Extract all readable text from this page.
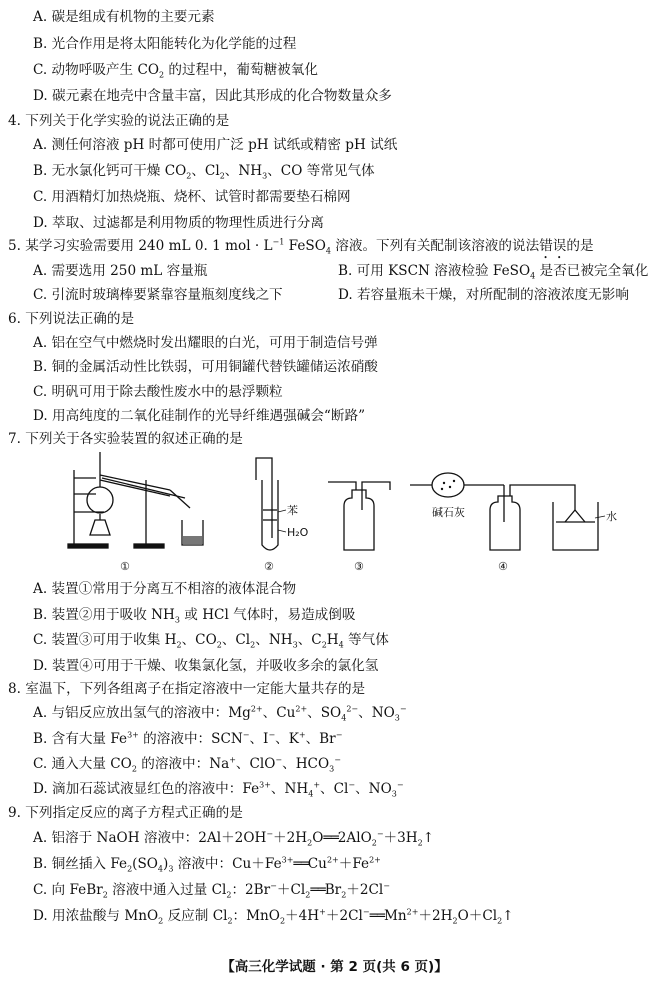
A. 碳是组成有机物的主要元素
B. 光合作用是将太阳能转化为化学能的过程
C. 动物呼吸产生 $CO_2$ 的过程中，葡萄糖被氧化
D. 碳元素在地壳中含量丰富，因此其形成的化合物数量众多
4. 下列关于化学实验的说法正确的是
A. 测任何溶液 pH 时都可使用广泛 pH 试纸或精密 pH 试纸
B. 无水氯化钙可干燥 $CO_2$、$Cl_2$、$NH_3$、CO 等常见气体
C. 用酒精灯加热烧瓶、烧杯、试管时都需要垫石棉网
D. 萃取、过滤都是利用物质的物理性质进行分离
5. 某学习实验需要用 240 mL 0. 1 mol · $L^{-1}$ FeSO$_4$ 溶液。下列有关配制该溶液的说法错误的是
A. 需要选用 250 mL 容量瓶	B. 可用 KSCN 溶液检验 FeSO$_4$ 是否已被完全氧化
C. 引流时玻璃棒要紧靠容量瓶刻度线之下	D. 若容量瓶未干燥，对所配制的溶液浓度无影响
6. 下列说法正确的是
A. 铝在空气中燃烧时发出耀眼的白光，可用于制造信号弹
B. 铜的金属活动性比铁弱，可用铜罐代替铁罐储运浓硝酸
C. 明矾可用于除去酸性废水中的悬浮颗粒
D. 用高纯度的二氧化硅制作的光导纤维遇强碱会“断路”
7. 下列关于各实验装置的叙述正确的是
①
苯
H₂O
②	③
碱石灰	水
④
A. 装置①常用于分离互不相溶的液体混合物
B. 装置②用于吸收 $NH_3$ 或 HCl 气体时，易造成倒吸
C. 装置③可用于收集 $H_2$、$CO_2$、$Cl_2$、$NH_3$、$C_2H_4$ 等气体
D. 装置④可用于干燥、收集氯化氢，并吸收多余的氯化氢
8. 室温下，下列各组离子在指定溶液中一定能大量共存的是
A. 与铝反应放出氢气的溶液中：$Mg^{2+}$、$Cu^{2+}$、$SO_4^{2-}$、$NO_3^-$
B. 含有大量 $Fe^{3+}$ 的溶液中：SCN−、I−、K+、Br−
C. 通入大量 $CO_2$ 的溶液中：Na+、ClO−、$HCO_3^-$
D. 滴加石蕊试液显红色的溶液中：$Fe^{3+}$、$NH_4^+$、Cl−、$NO_3^-$
9. 下列指定反应的离子方程式正确的是
A. 铝溶于 NaOH 溶液中：$2Al+2OH^-+2H_2O══2AlO_2^-+3H_2↑$
B. 铜丝插入 $Fe_2(SO_4)_3$ 溶液中：$Cu+Fe^{3+}══Cu^{2+}+Fe^{2+}$
C. 向 FeBr$_2$ 溶液中通入过量 $Cl_2$：$2Br^-+Cl_2══Br_2+2Cl^-$
D. 用浓盐酸与 MnO$_2$ 反应制 $Cl_2$：$MnO_2+4H^++2Cl^-══Mn^{2+}+2H_2O+Cl_2↑$
【高三化学试题 · 第 2 页(共 6 页)】
